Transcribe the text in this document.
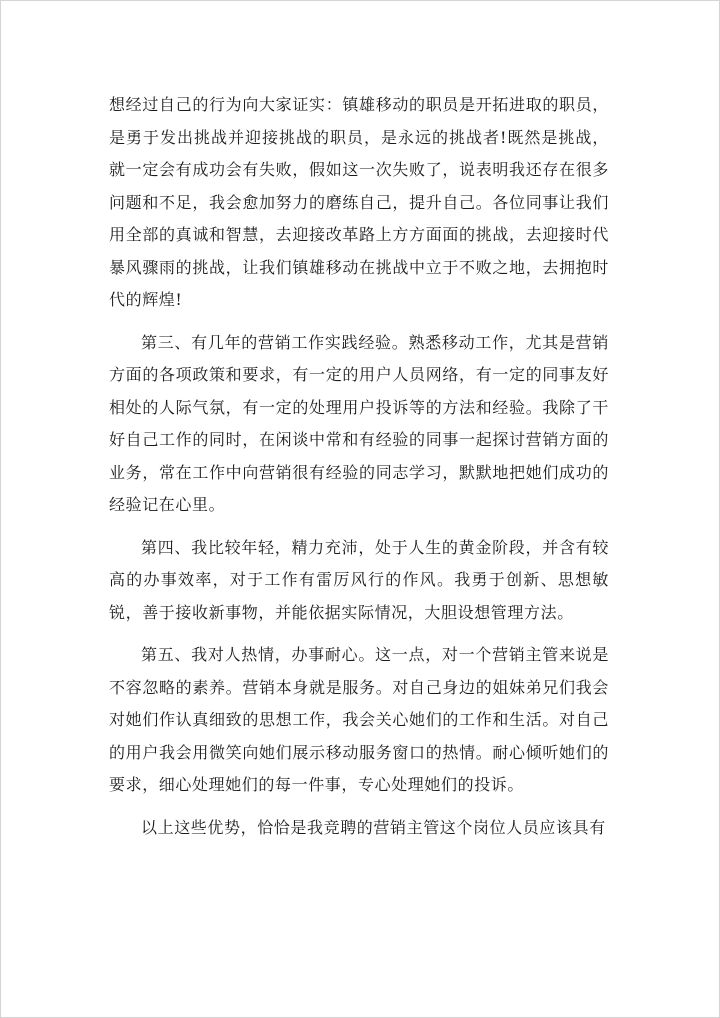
想经过自己的行为向大家证实：镇雄移动的职员是开拓进取的职员，是勇于发出挑战并迎接挑战的职员，是永远的挑战者!既然是挑战，就一定会有成功会有失败，假如这一次失败了，说表明我还存在很多问题和不足，我会愈加努力的磨练自己，提升自己。各位同事让我们用全部的真诚和智慧，去迎接改革路上方方面面的挑战，去迎接时代暴风骤雨的挑战，让我们镇雄移动在挑战中立于不败之地，去拥抱时代的辉煌!

第三、有几年的营销工作实践经验。熟悉移动工作，尤其是营销方面的各项政策和要求，有一定的用户人员网络，有一定的同事友好相处的人际气氛，有一定的处理用户投诉等的方法和经验。我除了干好自己工作的同时，在闲谈中常和有经验的同事一起探讨营销方面的业务，常在工作中向营销很有经验的同志学习，默默地把她们成功的经验记在心里。

第四、我比较年轻，精力充沛，处于人生的黄金阶段，并含有较高的办事效率，对于工作有雷厉风行的作风。我勇于创新、思想敏锐，善于接收新事物，并能依据实际情况，大胆设想管理方法。

第五、我对人热情，办事耐心。这一点，对一个营销主管来说是不容忽略的素养。营销本身就是服务。对自己身边的姐妹弟兄们我会对她们作认真细致的思想工作，我会关心她们的工作和生活。对自己的用户我会用微笑向她们展示移动服务窗口的热情。耐心倾听她们的要求，细心处理她们的每一件事，专心处理她们的投诉。

以上这些优势，恰恰是我竞聘的营销主管这个岗位人员应该具有
